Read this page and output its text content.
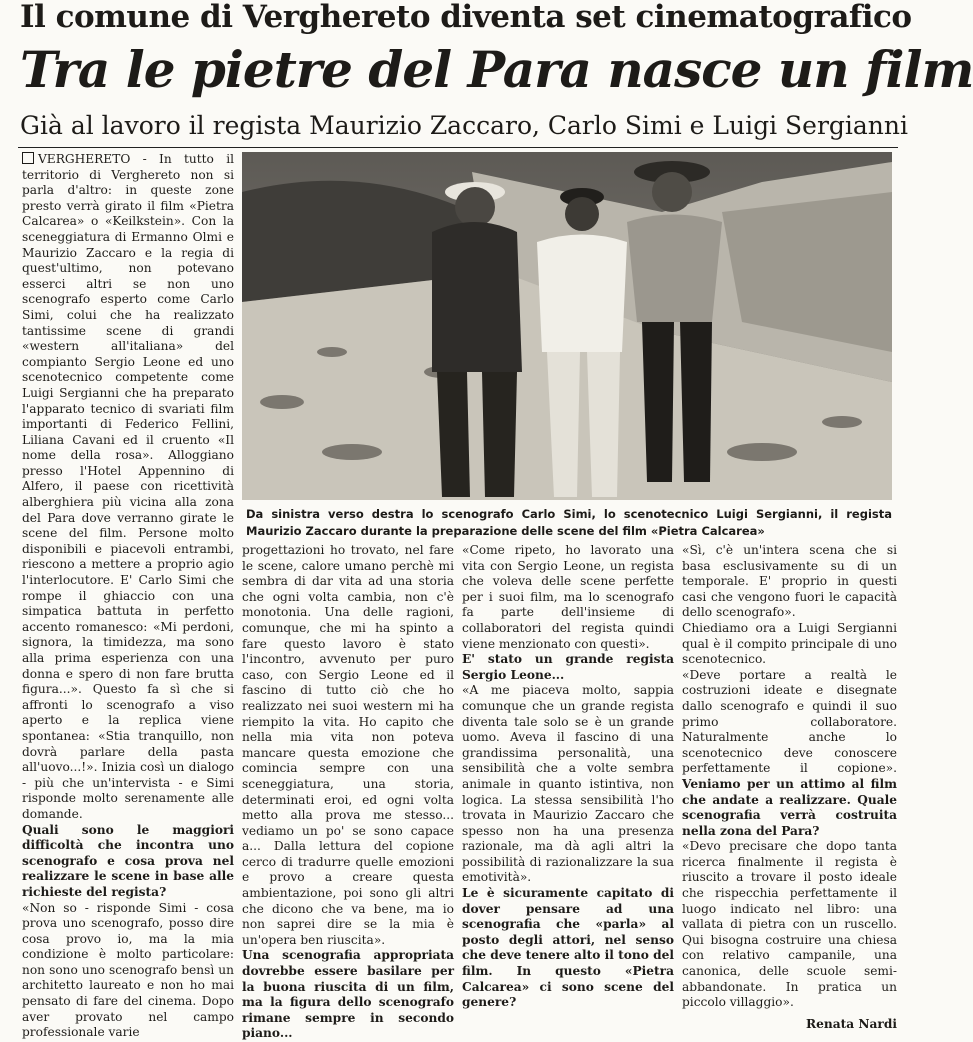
Il comune di Verghereto diventa set cinematografico
Tra le pietre del Para nasce un film
Già al lavoro il regista Maurizio Zaccaro, Carlo Simi e Luigi Sergianni

VERGHERETO - In tutto il territorio di Verghereto non si parla d'altro: in queste zone presto verrà girato il film «Pietra Calcarea» o «Keilkstein». Con la sceneggiatura di Ermanno Olmi e Maurizio Zaccaro e la regia di quest'ultimo, non potevano esserci altri se non uno scenografo esperto come Carlo Simi, colui che ha realizzato tantissime scene di grandi «western all'italiana» del compianto Sergio Leone ed uno scenotecnico competente come Luigi Sergianni che ha preparato l'apparato tecnico di svariati film importanti di Federico Fellini, Liliana Cavani ed il cruento «Il nome della rosa». Alloggiano presso l'Hotel Appennino di Alfero, il paese con ricettività alberghiera più vicina alla zona del Para dove verranno girate le scene del film. Persone molto disponibili e piacevoli entrambi, riescono a mettere a proprio agio l'interlocutore. E' Carlo Simi che rompe il ghiaccio con una simpatica battuta in perfetto accento romanesco: «Mi perdoni, signora, la timidezza, ma sono alla prima esperienza con una donna e spero di non fare brutta figura...». Questo fa sì che si affronti lo scenografo a viso aperto e la replica viene spontanea: «Stia tranquillo, non dovrà parlare della pasta all'uovo...!». Inizia così un dialogo - più che un'intervista - e Simi risponde molto serenamente alle domande.

Quali sono le maggiori difficoltà che incontra uno scenografo e cosa prova nel realizzare le scene in base alle richieste del regista?

«Non so - risponde Simi - cosa prova uno scenografo, posso dire cosa provo io, ma la mia condizione è molto particolare: non sono uno scenografo bensì un architetto laureato e non ho mai pensato di fare del cinema. Dopo aver provato nel campo professionale varie

Da sinistra verso destra lo scenografo Carlo Simi, lo scenotecnico Luigi Sergianni, il regista Maurizio Zaccaro durante la preparazione delle scene del film «Pietra Calcarea»

progettazioni ho trovato, nel fare le scene, calore umano perchè mi sembra di dar vita ad una storia che ogni volta cambia, non c'è monotonia. Una delle ragioni, comunque, che mi ha spinto a fare questo lavoro è stato l'incontro, avvenuto per puro caso, con Sergio Leone ed il fascino di tutto ciò che ho realizzato nei suoi western mi ha riempito la vita. Ho capito che nella mia vita non poteva mancare questa emozione che comincia sempre con una sceneggiatura, una storia, determinati eroi, ed ogni volta metto alla prova me stesso... vediamo un po' se sono capace a... Dalla lettura del copione cerco di tradurre quelle emozioni e provo a creare questa ambientazione, poi sono gli altri che dicono che va bene, ma io non saprei dire se la mia è un'opera ben riuscita».

Una scenografia appropriata dovrebbe essere basilare per la buona riuscita di un film, ma la figura dello scenografo rimane sempre in secondo piano...

«Come ripeto, ho lavorato una vita con Sergio Leone, un regista che voleva delle scene perfette per i suoi film, ma lo scenografo fa parte dell'insieme di collaboratori del regista quindi viene menzionato con questi».

E' stato un grande regista Sergio Leone...

«A me piaceva molto, sappia comunque che un grande regista diventa tale solo se è un grande uomo. Aveva il fascino di una grandissima personalità, una sensibilità che a volte sembra animale in quanto istintiva, non logica. La stessa sensibilità l'ho trovata in Maurizio Zaccaro che spesso non ha una presenza razionale, ma dà agli altri la possibilità di razionalizzare la sua emotività».

Le è sicuramente capitato di dover pensare ad una scenografia che «parla» al posto degli attori, nel senso che deve tenere alto il tono del film. In questo «Pietra Calcarea» ci sono scene del genere?

«Sì, c'è un'intera scena che si basa esclusivamente su di un temporale. E' proprio in questi casi che vengono fuori le capacità dello scenografo».

Chiediamo ora a Luigi Sergianni qual è il compito principale di uno scenotecnico.

«Deve portare a realtà le costruzioni ideate e disegnate dallo scenografo e quindi il suo primo collaboratore. Naturalmente anche lo scenotecnico deve conoscere perfettamente il copione». Veniamo per un attimo al film che andate a realizzare. Quale scenografia verrà costruita nella zona del Para?

«Devo precisare che dopo tanta ricerca finalmente il regista è riuscito a trovare il posto ideale che rispecchia perfettamente il luogo indicato nel libro: una vallata di pietra con un ruscello. Qui bisogna costruire una chiesa con relativo campanile, una canonica, delle scuole semi-abbandonate. In pratica un piccolo villaggio».

Renata Nardi
